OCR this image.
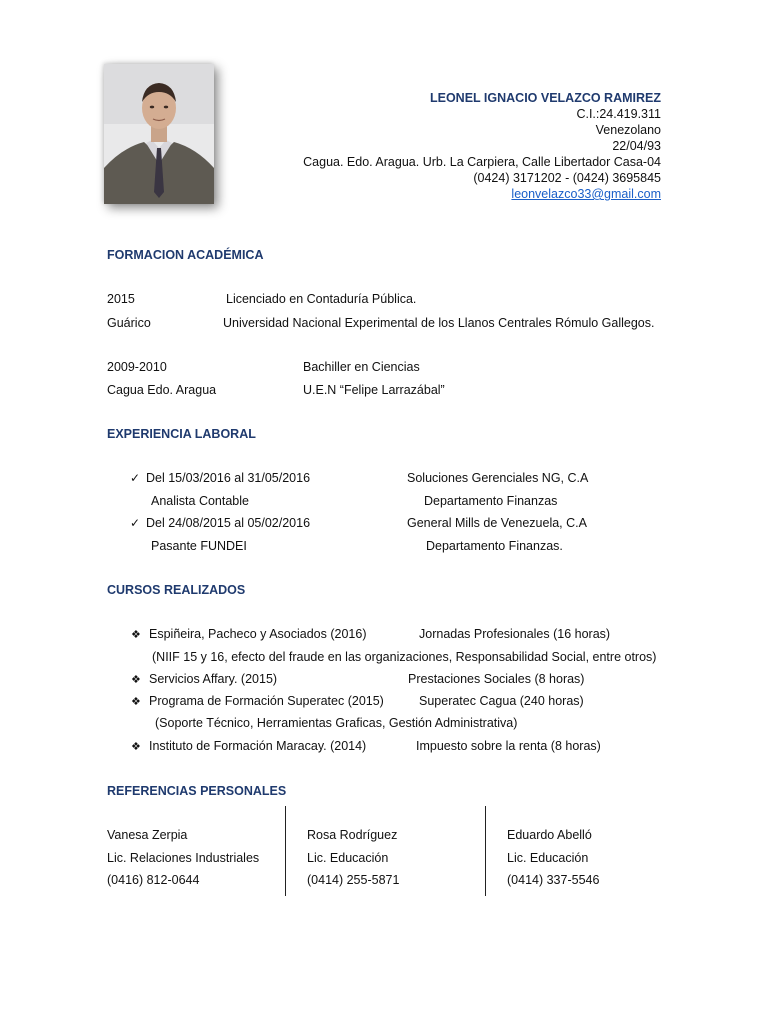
LEONEL IGNACIO VELAZCO RAMIREZ
C.I.:24.419.311
Venezolano
22/04/93
Cagua. Edo. Aragua. Urb. La Carpiera, Calle Libertador Casa-04
(0424) 3171202 - (0424) 3695845
leonvelazco33@gmail.com
FORMACION ACADÉMICA
2015	Licenciado en Contaduría Pública.
Guárico	Universidad Nacional Experimental de los Llanos Centrales Rómulo Gallegos.
2009-2010	Bachiller en Ciencias
Cagua Edo. Aragua	U.E.N “Felipe Larrazábal”
EXPERIENCIA LABORAL
✓ Del 15/03/2016 al 31/05/2016	Soluciones Gerenciales NG, C.A
Analista Contable	Departamento Finanzas
✓ Del 24/08/2015 al 05/02/2016	General Mills de Venezuela, C.A
Pasante FUNDEI	Departamento Finanzas.
CURSOS REALIZADOS
❖ Espiñeira, Pacheco y Asociados (2016)	Jornadas Profesionales (16 horas)
(NIIF 15 y 16, efecto del fraude en las organizaciones, Responsabilidad Social, entre otros)
❖ Servicios Affary. (2015)	Prestaciones Sociales (8 horas)
❖ Programa de Formación Superatec (2015)	Superatec Cagua (240 horas)
(Soporte Técnico, Herramientas Graficas, Gestión Administrativa)
❖ Instituto de Formación Maracay. (2014)	Impuesto sobre la renta (8 horas)
REFERENCIAS PERSONALES
Vanesa Zerpia
Lic. Relaciones Industriales
(0416) 812-0644
Rosa Rodríguez
Lic. Educación
(0414) 255-5871
Eduardo Abelló
Lic. Educación
(0414) 337-5546
